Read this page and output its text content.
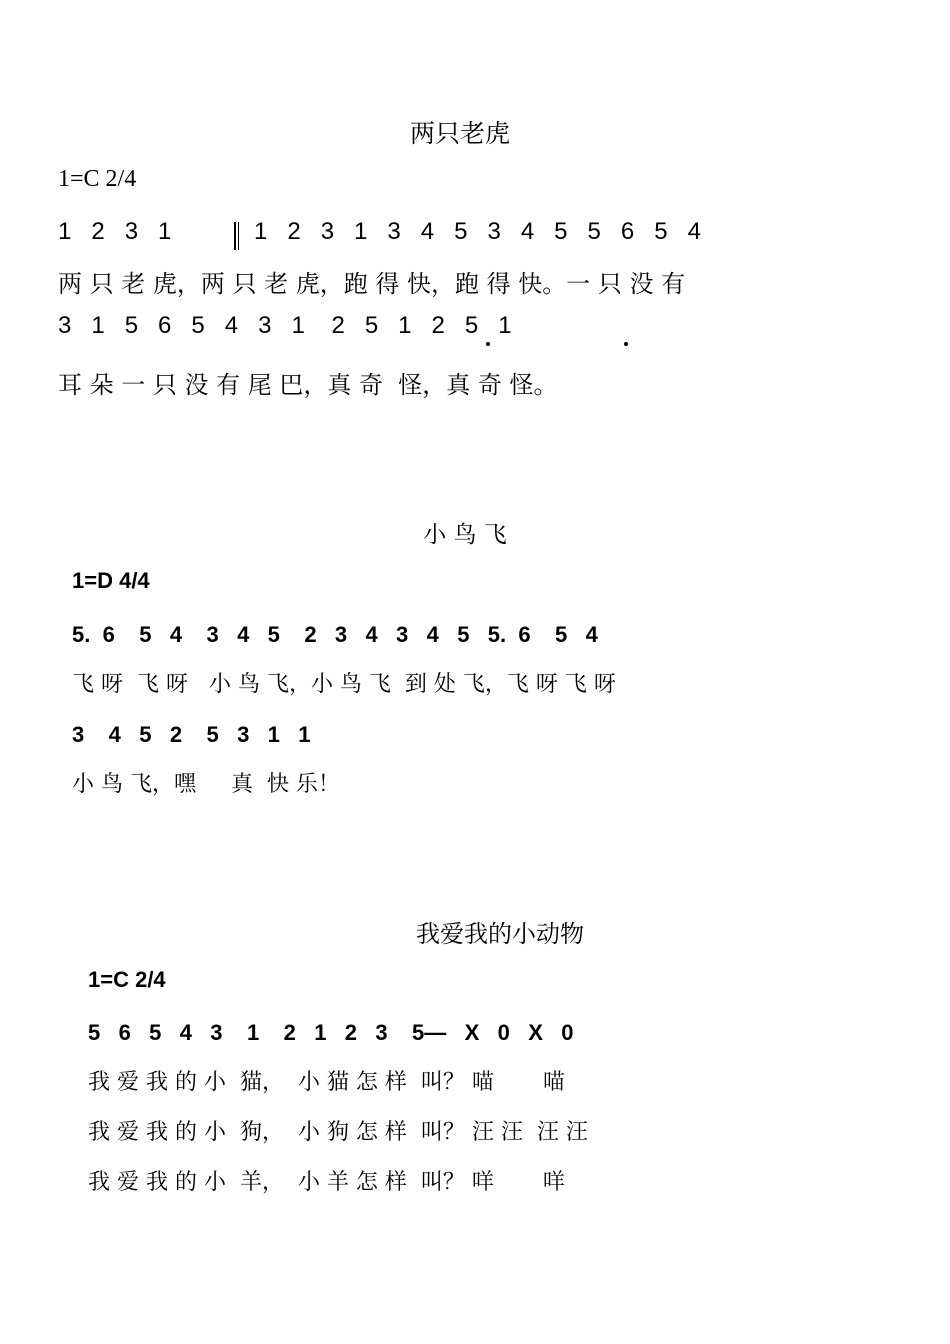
两只老虎
1=C 2/4
1   2   3   1	1   2   3   1   3   4   5   3   4   5   5   6   5   4
两 只 老 虎，两 只 老 虎，跑 得 快，跑 得 快。一 只 没 有
3   1   5   6   5   4   3   1    2   5   1   2   5   1
耳 朵 一 只 没 有 尾 巴，真 奇  怪，真 奇 怪。
小 鸟 飞
1=D 4/4
5.  6    5   4    3   4   5    2   3   4   3   4   5   5.  6    5   4
飞 呀  飞 呀   小 鸟 飞，小 鸟 飞  到 处 飞，飞 呀 飞 呀
3    4   5   2    5   3   1   1
小 鸟 飞，嘿     真  快 乐！
我爱我的小动物
1=C 2/4
5   6   5   4   3    1    2   1   2   3    5—   X   0   X   0
我 爱 我 的 小  猫，  小 猫 怎 样  叫？ 喵       喵
我 爱 我 的 小  狗，  小 狗 怎 样  叫？ 汪 汪  汪 汪
我 爱 我 的 小  羊，  小 羊 怎 样  叫？ 咩       咩
